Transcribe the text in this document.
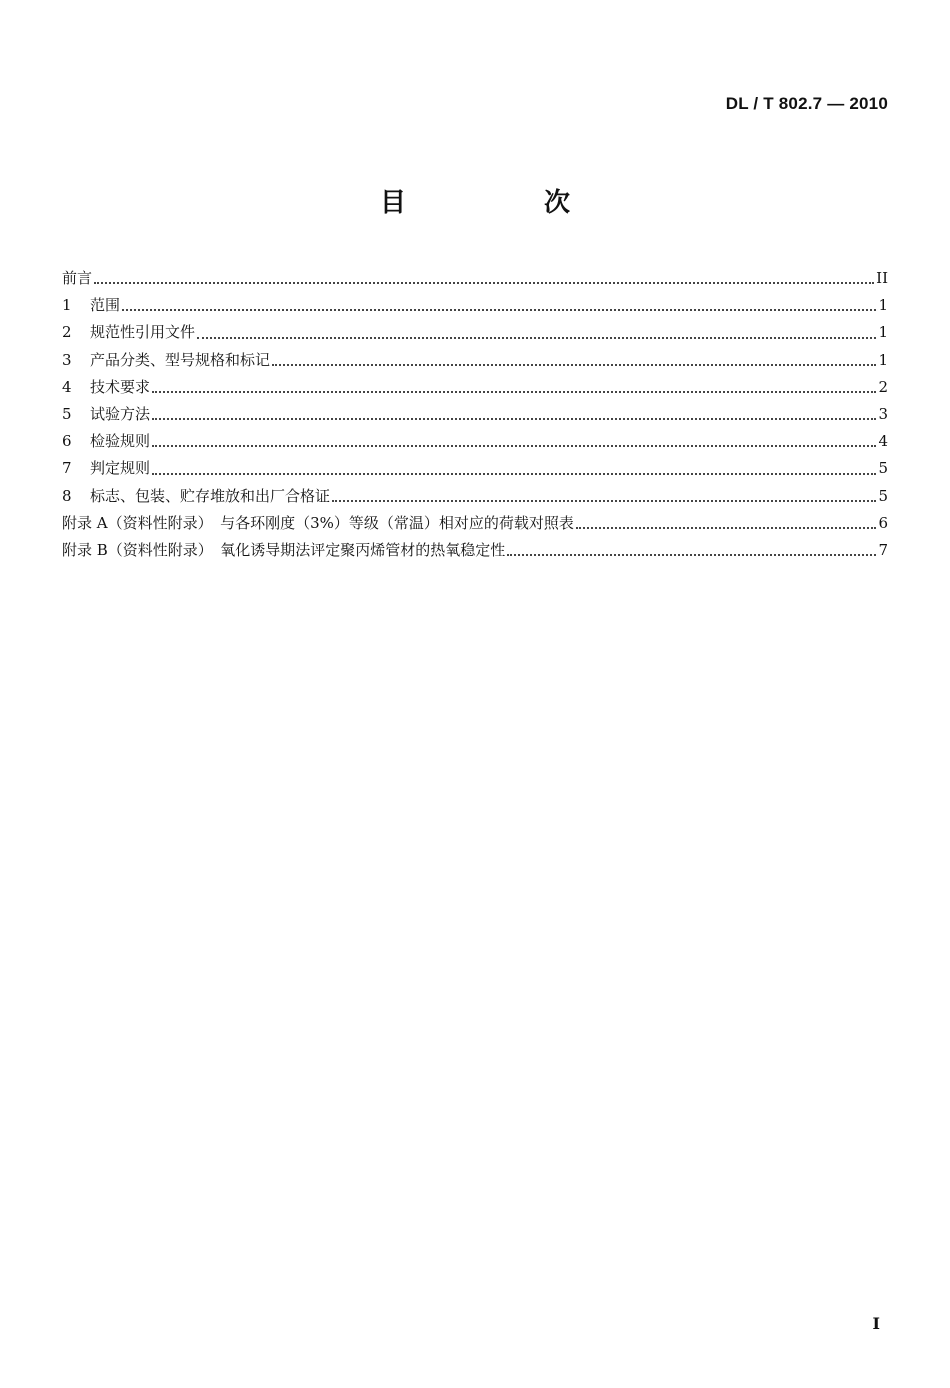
DL / T 802.7 — 2010
目　次
前言	II
1	范围	1
2	规范性引用文件	1
3	产品分类、型号规格和标记	1
4	技术要求	2
5	试验方法	3
6	检验规则	4
7	判定规则	5
8	标志、包装、贮存堆放和出厂合格证	5
附录 A（资料性附录）　与各环刚度（3%）等级（常温）相对应的荷载对照表	6
附录 B（资料性附录）　氧化诱导期法评定聚丙烯管材的热氧稳定性	7
I
